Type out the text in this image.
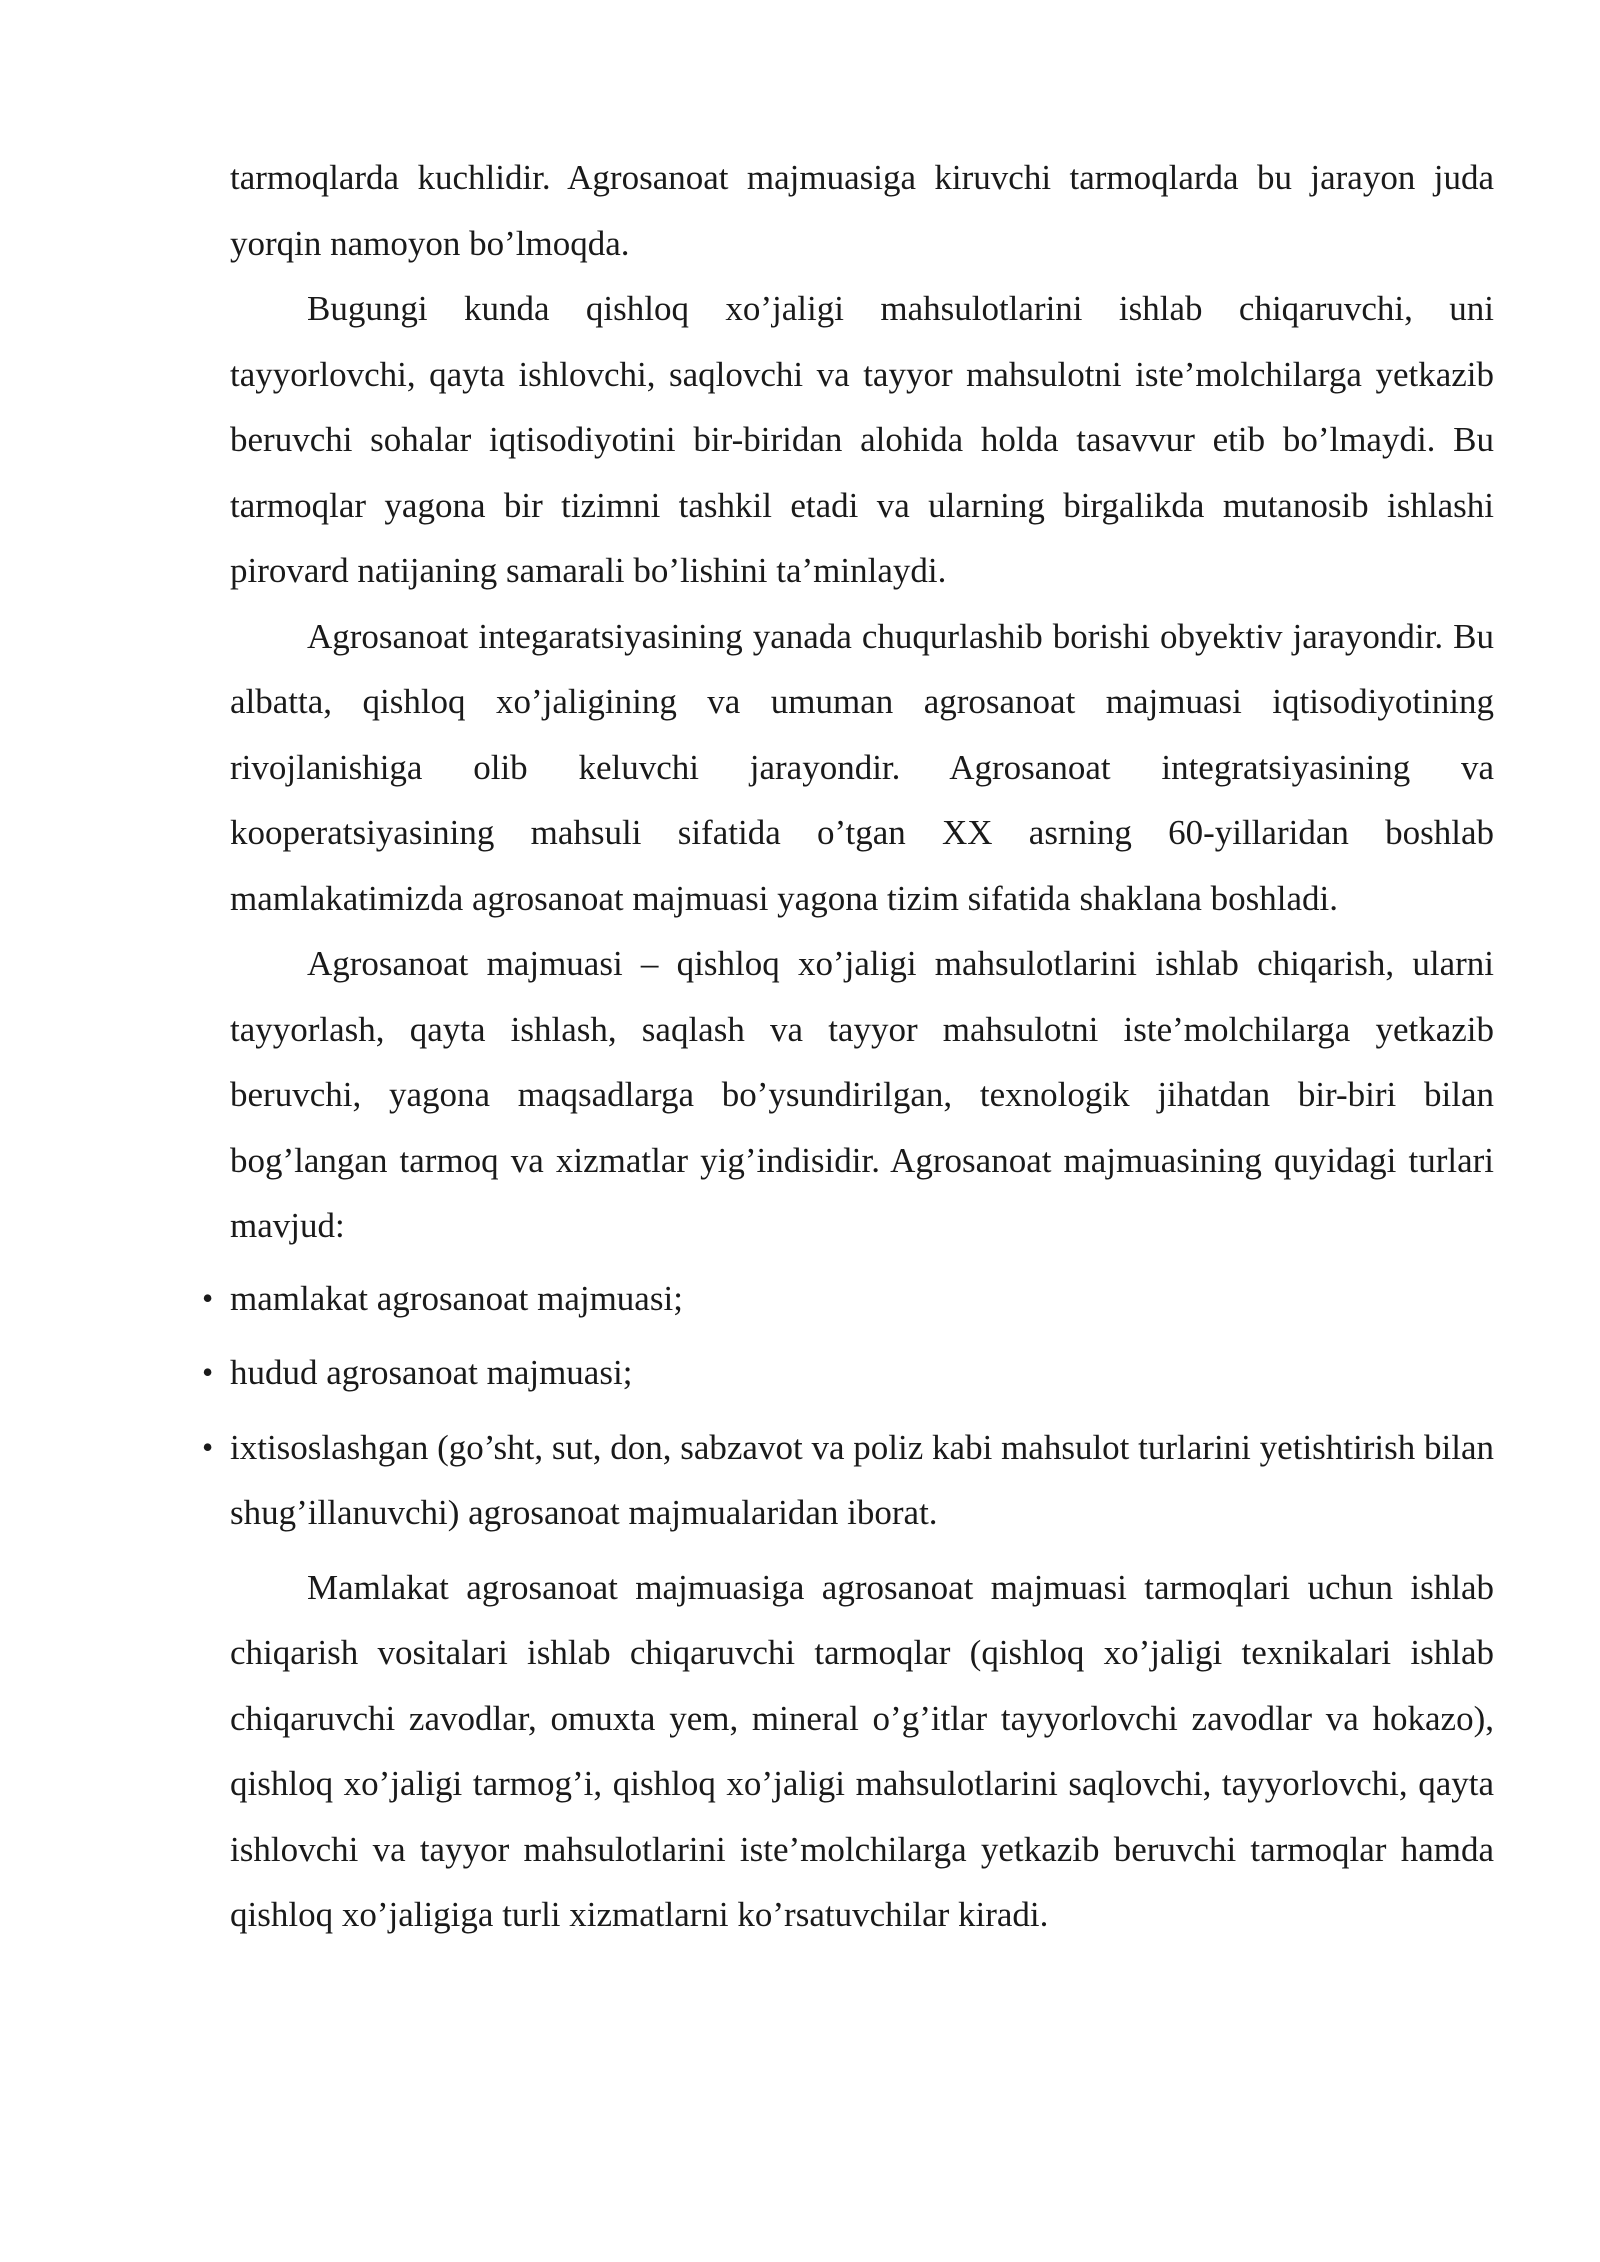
tarmoqlarda kuchlidir. Agrosanoat majmuasiga kiruvchi tarmoqlarda bu jarayon juda yorqin namoyon bo’lmoqda.

Bugungi kunda qishloq xo’jaligi mahsulotlarini ishlab chiqaruvchi, uni tayyorlovchi, qayta ishlovchi, saqlovchi va tayyor mahsulotni iste’molchilarga yetkazib beruvchi sohalar iqtisodiyotini bir-biridan alohida holda tasavvur etib bo’lmaydi. Bu tarmoqlar yagona bir tizimni tashkil etadi va ularning birgalikda mutanosib ishlashi pirovard natijaning samarali bo’lishini ta’minlaydi.

Agrosanoat integaratsiyasining yanada chuqurlashib borishi obyektiv jarayondir. Bu albatta, qishloq xo’jaligining va umuman agrosanoat majmuasi iqtisodiyotining rivojlanishiga olib keluvchi jarayondir. Agrosanoat integratsiyasining va kooperatsiyasining mahsuli sifatida o’tgan XX asrning 60-yillaridan boshlab mamlakatimizda agrosanoat majmuasi yagona tizim sifatida shaklana boshladi.

Agrosanoat majmuasi – qishloq xo’jaligi mahsulotlarini ishlab chiqarish, ularni tayyorlash, qayta ishlash, saqlash va tayyor mahsulotni iste’molchilarga yetkazib beruvchi, yagona maqsadlarga bo’ysundirilgan, texnologik jihatdan bir-biri bilan bog’langan tarmoq va xizmatlar yig’indisidir. Agrosanoat majmuasining quyidagi turlari mavjud:

• mamlakat agrosanoat majmuasi;
• hudud agrosanoat majmuasi;
• ixtisoslashgan (go’sht, sut, don, sabzavot va poliz kabi mahsulot turlarini yetishtirish bilan shug’illanuvchi) agrosanoat majmualaridan iborat.

Mamlakat agrosanoat majmuasiga agrosanoat majmuasi tarmoqlari uchun ishlab chiqarish vositalari ishlab chiqaruvchi tarmoqlar (qishloq xo’jaligi texnikalari ishlab chiqaruvchi zavodlar, omuxta yem, mineral o’g’itlar tayyorlovchi zavodlar va hokazo), qishloq xo’jaligi tarmog’i, qishloq xo’jaligi mahsulotlarini saqlovchi, tayyorlovchi, qayta ishlovchi va tayyor mahsulotlarini iste’molchilarga yetkazib beruvchi tarmoqlar hamda qishloq xo’jaligiga turli xizmatlarni ko’rsatuvchilar kiradi.
